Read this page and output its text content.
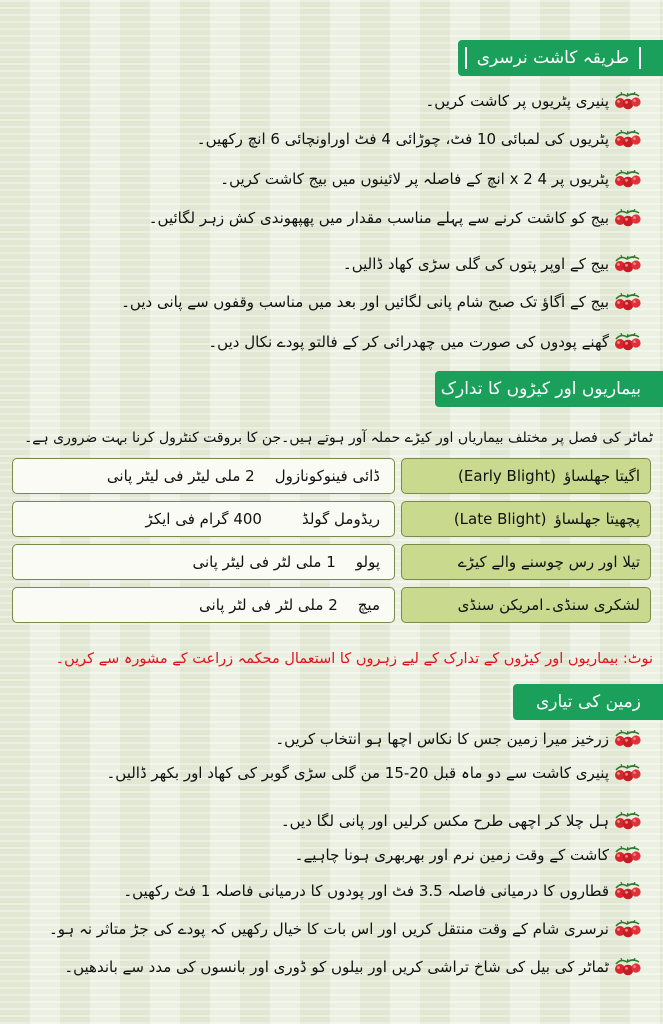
طریقہ کاشت نرسری
پنیری پٹریوں پر کاشت کریں۔
پٹریوں کی لمبائی 10 فٹ، چوڑائی 4 فٹ اوراونچائی 6 انچ رکھیں۔
پٹریوں پر 4 x 2 انچ کے فاصلہ پر لائینوں میں بیج کاشت کریں۔
بیج کو کاشت کرنے سے پہلے مناسب مقدار میں پھپھوندی کش زہر لگائیں۔
بیج کے اوپر پتوں کی گلی سڑی کھاد ڈالیں۔
بیج کے اُگاؤ تک صبح شام پانی لگائیں اور بعد میں مناسب وقفوں سے پانی دیں۔
گھنے پودوں کی صورت میں چھدرائی کر کے فالتو پودے نکال دیں۔
بیماریوں اور کیڑوں کا تدارک
ٹماٹر کی فصل پر مختلف بیماریاں اور کیڑے حملہ آور ہوتے ہیں۔جن کا بروقت کنٹرول کرنا بہت ضروری ہے۔
اگیتا جھلساؤ(Early Blight)
ڈائی فینوکونازول2 ملی لیٹر فی لیٹر پانی
پچھیتا جھلساؤ(Late Blight)
ریڈومل گولڈ400 گرام فی ایکڑ
تیلا اور رس چوسنے والے کیڑے
پولو1 ملی لٹر فی لیٹر پانی
لشکری سنڈی۔امریکن سنڈی
میچ2 ملی لٹر فی لٹر پانی
نوٹ: بیماریوں اور کیڑوں کے تدارک کے لیے زہروں کا استعمال محکمہ زراعت کے مشورہ سے کریں۔
زمین کی تیاری
زرخیز میرا زمین جس کا نکاس اچھا ہو انتخاب کریں۔
پنیری کاشت سے دو ماہ قبل 20-15 من گلی سڑی گوبر کی کھاد اور بکھر ڈالیں۔
ہل چلا کر اچھی طرح مکس کرلیں اور پانی لگا دیں۔
کاشت کے وقت زمین نرم اور بھربھری ہونا چاہیے۔
قطاروں کا درمیانی فاصلہ 3.5 فٹ اور پودوں کا درمیانی فاصلہ 1 فٹ رکھیں۔
نرسری شام کے وقت منتقل کریں اور اس بات کا خیال رکھیں کہ پودے کی جڑ متاثر نہ ہو۔
ٹماٹر کی بیل کی شاخ تراشی کریں اور بیلوں کو ڈوری اور بانسوں کی مدد سے باندھیں۔
